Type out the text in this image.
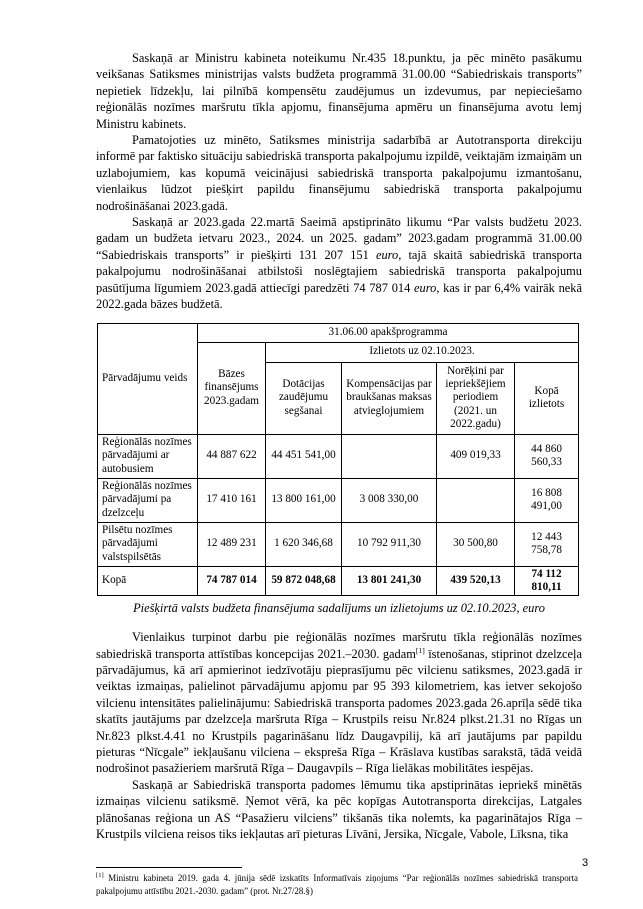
Saskaņā ar Ministru kabineta noteikumu Nr.435 18.punktu, ja pēc minēto pasākumu veikšanas Satiksmes ministrijas valsts budžeta programmā 31.00.00 “Sabiedriskais transports” nepietiek līdzekļu, lai pilnībā kompensētu zaudējumus un izdevumus, par nepieciešamo reģionālās nozīmes maršrutu tīkla apjomu, finansējuma apmēru un finansējuma avotu lemj Ministru kabinets.

Pamatojoties uz minēto, Satiksmes ministrija sadarbībā ar Autotransporta direkciju informē par faktisko situāciju sabiedriskā transporta pakalpojumu izpildē, veiktajām izmaiņām un uzlabojumiem, kas kopumā veicinājusi sabiedriskā transporta pakalpojumu izmantošanu, vienlaikus lūdzot piešķirt papildu finansējumu sabiedriskā transporta pakalpojumu nodrošināšanai 2023.gadā.

Saskaņā ar 2023.gada 22.martā Saeimā apstiprināto likumu “Par valsts budžetu 2023. gadam un budžeta ietvaru 2023., 2024. un 2025. gadam” 2023.gadam programmā 31.00.00 “Sabiedriskais transports” ir piešķirti 131 207 151 euro, tajā skaitā sabiedriskā transporta pakalpojumu nodrošināšanai atbilstoši noslēgtajiem sabiedriskā transporta pakalpojumu pasūtījuma līgumiem 2023.gadā attiecīgi paredzēti 74 787 014 euro, kas ir par 6,4% vairāk nekā 2022.gada bāzes budžetā.

Pārvadājumu veids	31.06.00 apakšprogramma				
	Bāzes finansējums 2023.gadam	Izlietots uz 02.10.2023.			
		Dotācijas zaudējumu segšanai	Kompensācijas par braukšanas maksas atvieglojumiem	Norēķini par iepriekšējiem periodiem (2021. un 2022.gadu)	Kopā izlietots
Reģionālās nozīmes pārvadājumi ar autobusiem	44 887 622	44 451 541,00		409 019,33	44 860 560,33
Reģionālās nozīmes pārvadājumi pa dzelzceļu	17 410 161	13 800 161,00	3 008 330,00		16 808 491,00
Pilsētu nozīmes pārvadājumi valstspilsētās	12 489 231	1 620 346,68	10 792 911,30	30 500,80	12 443 758,78
Kopā	74 787 014	59 872 048,68	13 801 241,30	439 520,13	74 112 810,11
Piešķirtā valsts budžeta finansējuma sadalījums un izlietojums uz 02.10.2023, euro

Vienlaikus turpinot darbu pie reģionālās nozīmes maršrutu tīkla reģionālās nozīmes sabiedriskā transporta attīstības koncepcijas 2021.–2030. gadam[1] īstenošanas, stiprinot dzelzceļa pārvadājumus, kā arī apmierinot iedzīvotāju pieprasījumu pēc vilcienu satiksmes, 2023.gadā ir veiktas izmaiņas, palielinot pārvadājumu apjomu par 95 393 kilometriem, kas ietver sekojošo vilcienu intensitātes palielinājumu: Sabiedriskā transporta padomes 2023.gada 26.aprīļa sēdē tika skatīts jautājums par dzelzceļa maršruta Rīga – Krustpils reisu Nr.824 plkst.21.31 no Rīgas un Nr.823 plkst.4.41 no Krustpils pagarināšanu līdz Daugavpilij, kā arī jautājums par papildu pieturas “Nīcgale” iekļaušanu vilciena – ekspreša Rīga – Krāslava kustības sarakstā, tādā veidā nodrošinot pasažieriem maršrutā Rīga – Daugavpils – Rīga lielākas mobilitātes iespējas.

Saskaņā ar Sabiedriskā transporta padomes lēmumu tika apstiprinātas iepriekš minētās izmaiņas vilcienu satiksmē. Ņemot vērā, ka pēc kopīgas Autotransporta direkcijas, Latgales plānošanas reģiona un AS “Pasažieru vilciens” tikšanās tika nolemts, ka pagarinātajos Rīga – Krustpils vilciena reisos tiks iekļautas arī pieturas Līvāni, Jersika, Nīcgale, Vabole, Līksna, tika

[1] Ministru kabineta 2019. gada 4. jūnija sēdē izskatīts Informatīvais ziņojums “Par reģionālās nozīmes sabiedriskā transporta pakalpojumu attīstību 2021.-2030. gadam” (prot. Nr.27/28.§)
3
